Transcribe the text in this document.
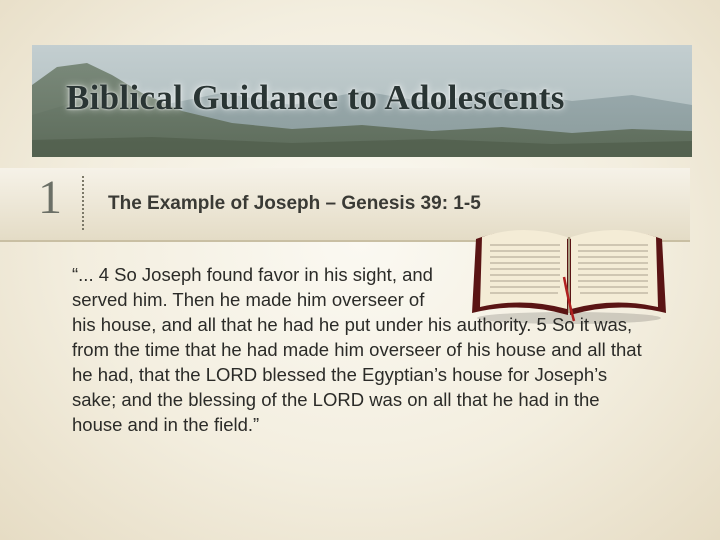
Biblical Guidance to Adolescents

1 The Example of Joseph – Genesis 39: 1-5

“... 4 So Joseph found favor in his sight, and served him. Then he made him overseer of his house, and all that he had he put under his authority. 5 So it was, from the time that he had made him overseer of his house and all that he had, that the LORD blessed the Egyptian’s house for Joseph’s sake; and the blessing of the LORD was on all that he had in the house and in the field.”
